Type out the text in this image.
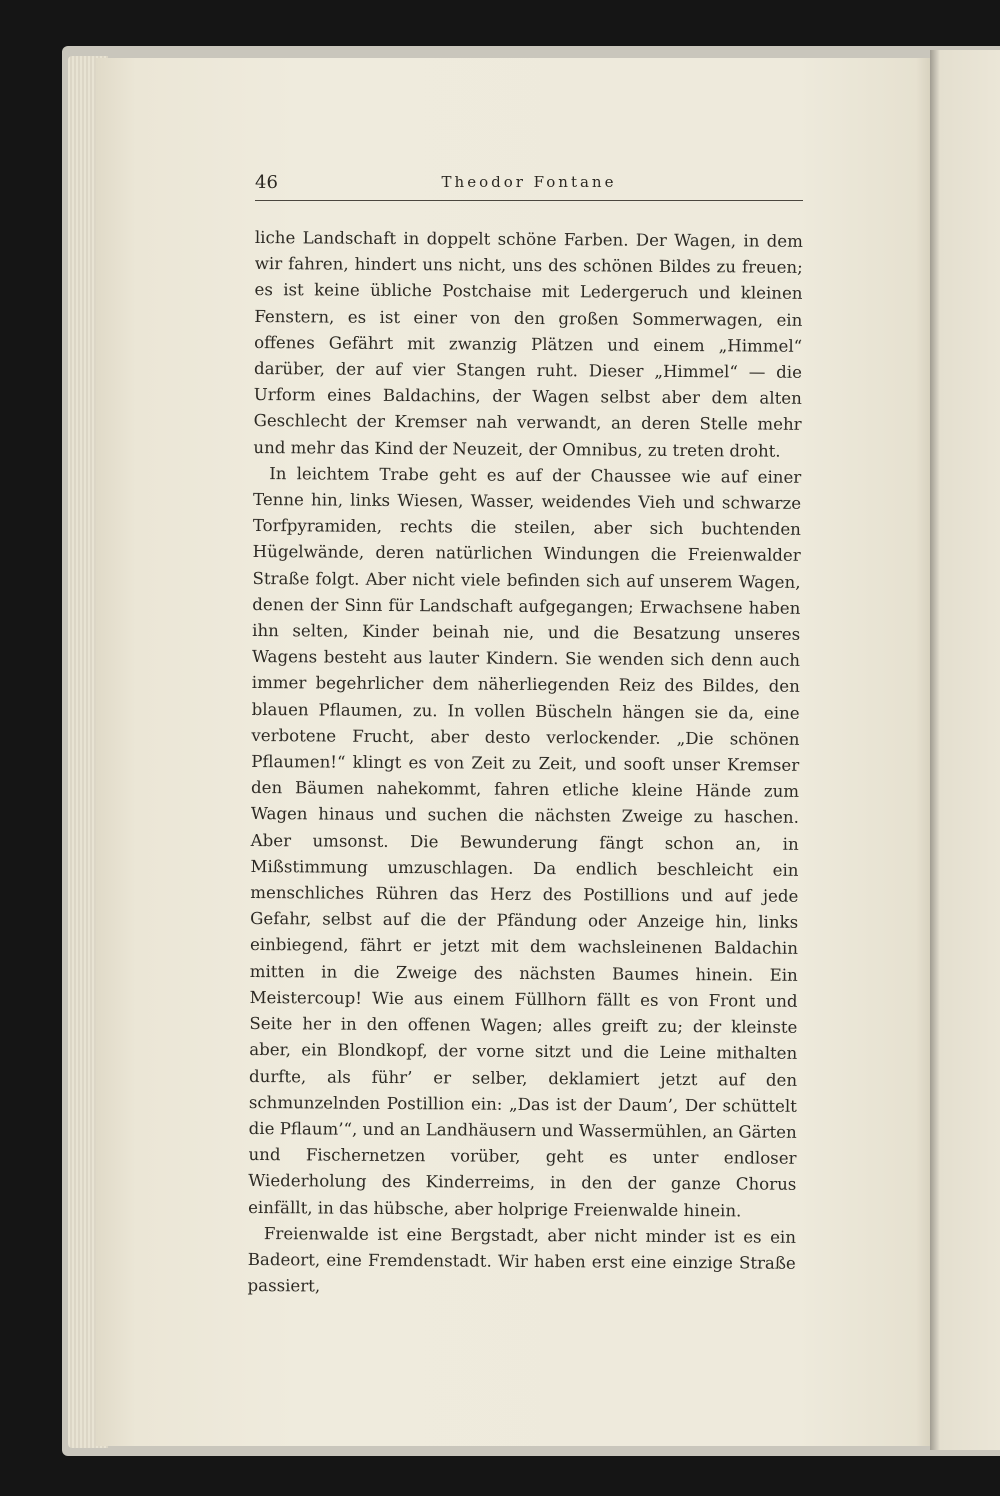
46	Theodor Fontane

liche Landschaft in doppelt schöne Farben. Der Wagen, in dem wir fahren, hindert uns nicht, uns des schönen Bildes zu freuen; es ist keine übliche Postchaise mit Ledergeruch und kleinen Fenstern, es ist einer von den großen Sommerwagen, ein offenes Gefährt mit zwanzig Plätzen und einem „Himmel“ darüber, der auf vier Stangen ruht. Dieser „Himmel“ — die Urform eines Baldachins, der Wagen selbst aber dem alten Geschlecht der Kremser nah verwandt, an deren Stelle mehr und mehr das Kind der Neuzeit, der Omnibus, zu treten droht.

In leichtem Trabe geht es auf der Chaussee wie auf einer Tenne hin, links Wiesen, Wasser, weidendes Vieh und schwarze Torfpyramiden, rechts die steilen, aber sich buchtenden Hügelwände, deren natürlichen Windungen die Freienwalder Straße folgt. Aber nicht viele befinden sich auf unserem Wagen, denen der Sinn für Landschaft aufgegangen; Erwachsene haben ihn selten, Kinder beinah nie, und die Besatzung unseres Wagens besteht aus lauter Kindern. Sie wenden sich denn auch immer begehrlicher dem näherliegenden Reiz des Bildes, den blauen Pflaumen, zu. In vollen Büscheln hängen sie da, eine verbotene Frucht, aber desto verlockender. „Die schönen Pflaumen!“ klingt es von Zeit zu Zeit, und sooft unser Kremser den Bäumen nahekommt, fahren etliche kleine Hände zum Wagen hinaus und suchen die nächsten Zweige zu haschen. Aber umsonst. Die Bewunderung fängt schon an, in Mißstimmung umzuschlagen. Da endlich beschleicht ein menschliches Rühren das Herz des Postillions und auf jede Gefahr, selbst auf die der Pfändung oder Anzeige hin, links einbiegend, fährt er jetzt mit dem wachsleinenen Baldachin mitten in die Zweige des nächsten Baumes hinein. Ein Meistercoup! Wie aus einem Füllhorn fällt es von Front und Seite her in den offenen Wagen; alles greift zu; der kleinste aber, ein Blondkopf, der vorne sitzt und die Leine mithalten durfte, als führ’ er selber, deklamiert jetzt auf den schmunzelnden Postillion ein: „Das ist der Daum’, Der schüttelt die Pflaum’“, und an Landhäusern und Wassermühlen, an Gärten und Fischernetzen vorüber, geht es unter endloser Wiederholung des Kinderreims, in den der ganze Chorus einfällt, in das hübsche, aber holprige Freienwalde hinein.

Freienwalde ist eine Bergstadt, aber nicht minder ist es ein Badeort, eine Fremdenstadt. Wir haben erst eine einzige Straße passiert,
